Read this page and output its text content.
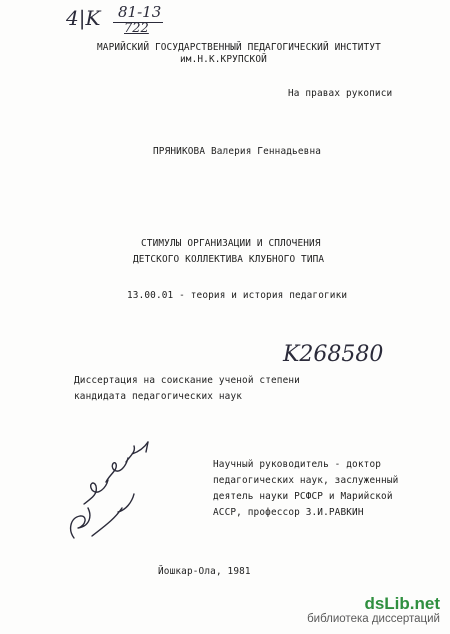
4|K 81-13
722
МАРИЙСКИЙ ГОСУДАРСТВЕННЫЙ ПЕДАГОГИЧЕСКИЙ ИНСТИТУТ
им.Н.К.КРУПСКОЙ
На правах рукописи
ПРЯНИКОВА Валерия Геннадьевна
СТИМУЛЫ ОРГАНИЗАЦИИ И СПЛОЧЕНИЯ
ДЕТСКОГО КОЛЛЕКТИВА КЛУБНОГО ТИПА
13.00.01 - теория и история педагогики
K268580
Диссертация на соискание ученой степени
кандидата педагогических наук
Научный руководитель - доктор
педагогических наук, заслуженный
деятель науки РСФСР и Марийской
АССР, профессор З.И.РАВКИН
Йошкар-Ола, 1981
dsLib.net
библиотека диссертаций
